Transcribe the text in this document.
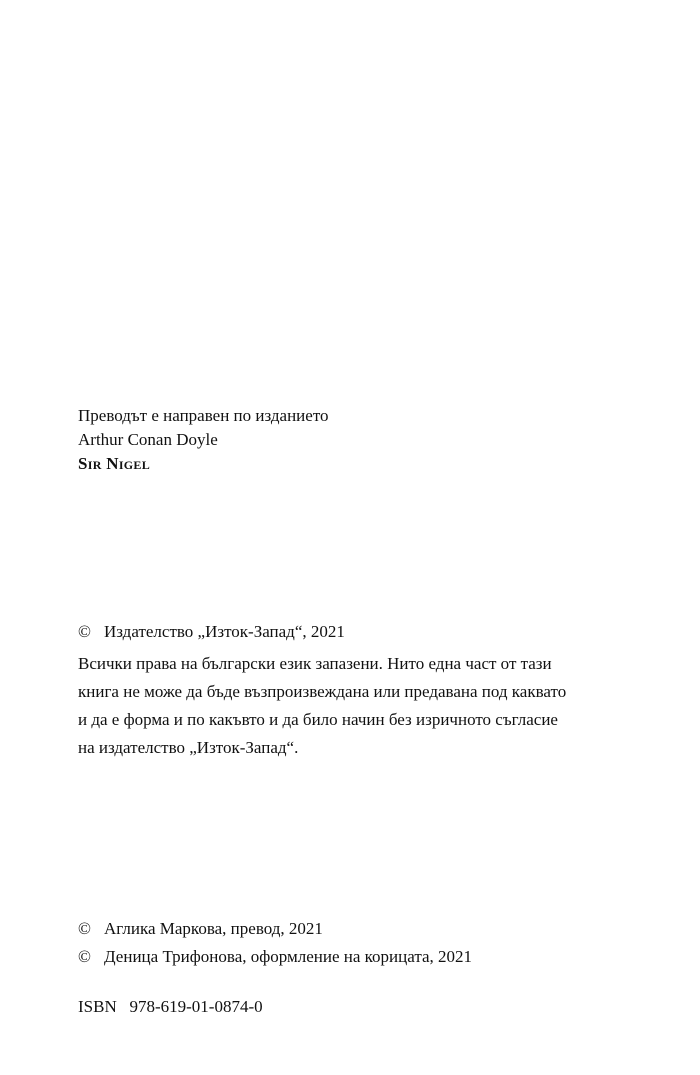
Преводът е направен по изданието
Arthur Conan Doyle
Sir Nigel
© Издателство „Изток-Запад“, 2021
Всички права на български език запазени. Нито една част от тази
книга не може да бъде възпроизвеждана или предавана под каквато
и да е форма и по какъвто и да било начин без изричното съгласие
на издателство „Изток-Запад“.
© Аглика Маркова, превод, 2021
© Деница Трифонова, оформление на корицата, 2021
ISBN 978-619-01-0874-0
